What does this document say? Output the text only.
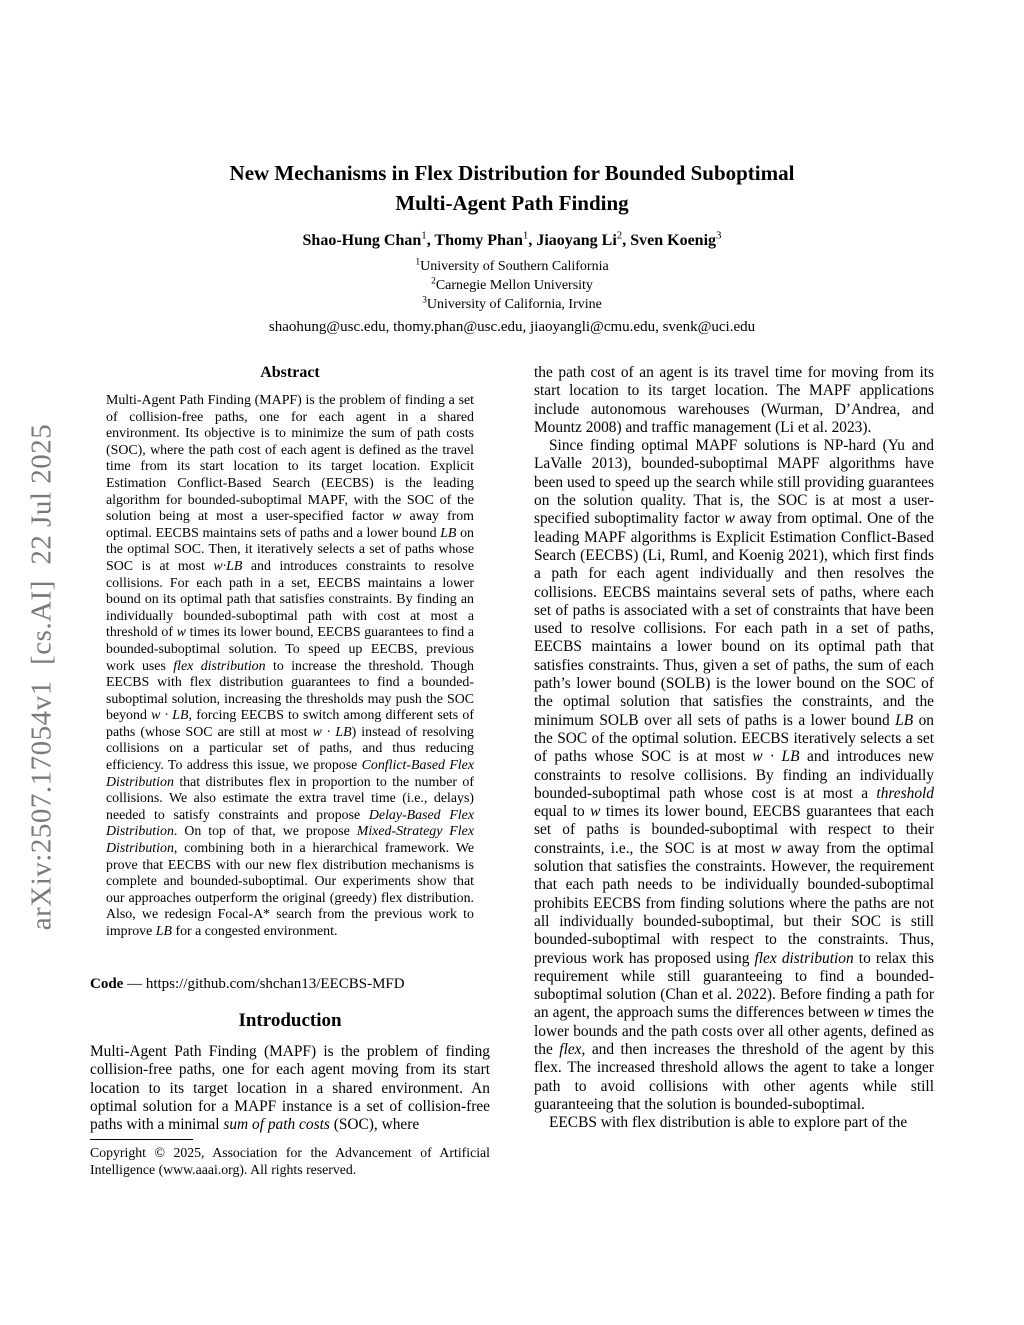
arXiv:2507.17054v1  [cs.AI]  22 Jul 2025
New Mechanisms in Flex Distribution for Bounded Suboptimal
Multi-Agent Path Finding
Shao-Hung Chan$^1$, Thomy Phan$^1$, Jiaoyang Li$^2$, Sven Koenig$^3$
$^1$University of Southern California
$^2$Carnegie Mellon University
$^3$University of California, Irvine
shaohung@usc.edu, thomy.phan@usc.edu, jiaoyangli@cmu.edu, svenk@uci.edu
Abstract

Multi-Agent Path Finding (MAPF) is the problem of finding a set of collision-free paths, one for each agent in a shared environment. Its objective is to minimize the sum of path costs (SOC), where the path cost of each agent is defined as the travel time from its start location to its target location. Explicit Estimation Conflict-Based Search (EECBS) is the leading algorithm for bounded-suboptimal MAPF, with the SOC of the solution being at most a user-specified factor w away from optimal. EECBS maintains sets of paths and a lower bound LB on the optimal SOC. Then, it iteratively selects a set of paths whose SOC is at most w·LB and introduces constraints to resolve collisions. For each path in a set, EECBS maintains a lower bound on its optimal path that satisfies constraints. By finding an individually bounded-suboptimal path with cost at most a threshold of w times its lower bound, EECBS guarantees to find a bounded-suboptimal solution. To speed up EECBS, previous work uses flex distribution to increase the threshold. Though EECBS with flex distribution guarantees to find a bounded-suboptimal solution, increasing the thresholds may push the SOC beyond w · LB, forcing EECBS to switch among different sets of paths (whose SOC are still at most w · LB) instead of resolving collisions on a particular set of paths, and thus reducing efficiency. To address this issue, we propose Conflict-Based Flex Distribution that distributes flex in proportion to the number of collisions. We also estimate the extra travel time (i.e., delays) needed to satisfy constraints and propose Delay-Based Flex Distribution. On top of that, we propose Mixed-Strategy Flex Distribution, combining both in a hierarchical framework. We prove that EECBS with our new flex distribution mechanisms is complete and bounded-suboptimal. Our experiments show that our approaches outperform the original (greedy) flex distribution. Also, we redesign Focal-A* search from the previous work to improve LB for a congested environment.

Code — https://github.com/shchan13/EECBS-MFD

Introduction

Multi-Agent Path Finding (MAPF) is the problem of finding collision-free paths, one for each agent moving from its start location to its target location in a shared environment. An optimal solution for a MAPF instance is a set of collision-free paths with a minimal sum of path costs (SOC), where

Copyright © 2025, Association for the Advancement of Artificial Intelligence (www.aaai.org). All rights reserved.

the path cost of an agent is its travel time for moving from its start location to its target location. The MAPF applications include autonomous warehouses (Wurman, D’Andrea, and Mountz 2008) and traffic management (Li et al. 2023).

Since finding optimal MAPF solutions is NP-hard (Yu and LaValle 2013), bounded-suboptimal MAPF algorithms have been used to speed up the search while still providing guarantees on the solution quality. That is, the SOC is at most a user-specified suboptimality factor w away from optimal. One of the leading MAPF algorithms is Explicit Estimation Conflict-Based Search (EECBS) (Li, Ruml, and Koenig 2021), which first finds a path for each agent individually and then resolves the collisions. EECBS maintains several sets of paths, where each set of paths is associated with a set of constraints that have been used to resolve collisions. For each path in a set of paths, EECBS maintains a lower bound on its optimal path that satisfies constraints. Thus, given a set of paths, the sum of each path’s lower bound (SOLB) is the lower bound on the SOC of the optimal solution that satisfies the constraints, and the minimum SOLB over all sets of paths is a lower bound LB on the SOC of the optimal solution. EECBS iteratively selects a set of paths whose SOC is at most w · LB and introduces new constraints to resolve collisions. By finding an individually bounded-suboptimal path whose cost is at most a threshold equal to w times its lower bound, EECBS guarantees that each set of paths is bounded-suboptimal with respect to their constraints, i.e., the SOC is at most w away from the optimal solution that satisfies the constraints. However, the requirement that each path needs to be individually bounded-suboptimal prohibits EECBS from finding solutions where the paths are not all individually bounded-suboptimal, but their SOC is still bounded-suboptimal with respect to the constraints. Thus, previous work has proposed using flex distribution to relax this requirement while still guaranteeing to find a bounded-suboptimal solution (Chan et al. 2022). Before finding a path for an agent, the approach sums the differences between w times the lower bounds and the path costs over all other agents, defined as the flex, and then increases the threshold of the agent by this flex. The increased threshold allows the agent to take a longer path to avoid collisions with other agents while still guaranteeing that the solution is bounded-suboptimal.

EECBS with flex distribution is able to explore part of the
